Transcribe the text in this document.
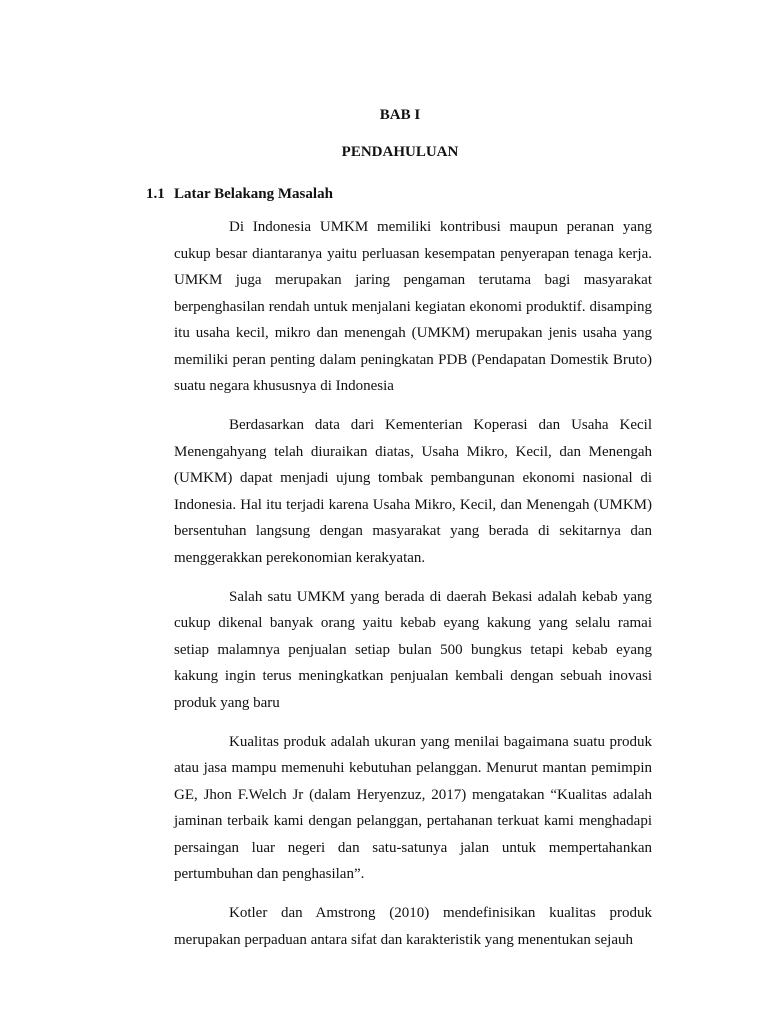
BAB I
PENDAHULUAN
1.1 Latar Belakang Masalah

Di Indonesia UMKM memiliki kontribusi maupun peranan yang cukup besar diantaranya yaitu perluasan kesempatan penyerapan tenaga kerja. UMKM juga merupakan jaring pengaman terutama bagi masyarakat berpenghasilan rendah untuk menjalani kegiatan ekonomi produktif. disamping itu usaha kecil, mikro dan menengah (UMKM) merupakan jenis usaha yang memiliki peran penting dalam peningkatan PDB (Pendapatan Domestik Bruto) suatu negara khususnya di Indonesia

Berdasarkan data dari Kementerian Koperasi dan Usaha Kecil Menengahyang telah diuraikan diatas, Usaha Mikro, Kecil, dan Menengah (UMKM) dapat menjadi ujung tombak pembangunan ekonomi nasional di Indonesia. Hal itu terjadi karena Usaha Mikro, Kecil, dan Menengah (UMKM) bersentuhan langsung dengan masyarakat yang berada di sekitarnya dan menggerakkan perekonomian kerakyatan.

Salah satu UMKM yang berada di daerah Bekasi adalah kebab yang cukup dikenal banyak orang yaitu kebab eyang kakung yang selalu ramai setiap malamnya penjualan setiap bulan 500 bungkus tetapi kebab eyang kakung ingin terus meningkatkan penjualan kembali dengan sebuah inovasi produk yang baru

Kualitas produk adalah ukuran yang menilai bagaimana suatu produk atau jasa mampu memenuhi kebutuhan pelanggan. Menurut mantan pemimpin GE, Jhon F.Welch Jr (dalam Heryenzuz, 2017) mengatakan “Kualitas adalah jaminan terbaik kami dengan pelanggan, pertahanan terkuat kami menghadapi persaingan luar negeri dan satu-satunya jalan untuk mempertahankan pertumbuhan dan penghasilan”.

Kotler dan Amstrong (2010) mendefinisikan kualitas produk merupakan perpaduan antara sifat dan karakteristik yang menentukan sejauh
